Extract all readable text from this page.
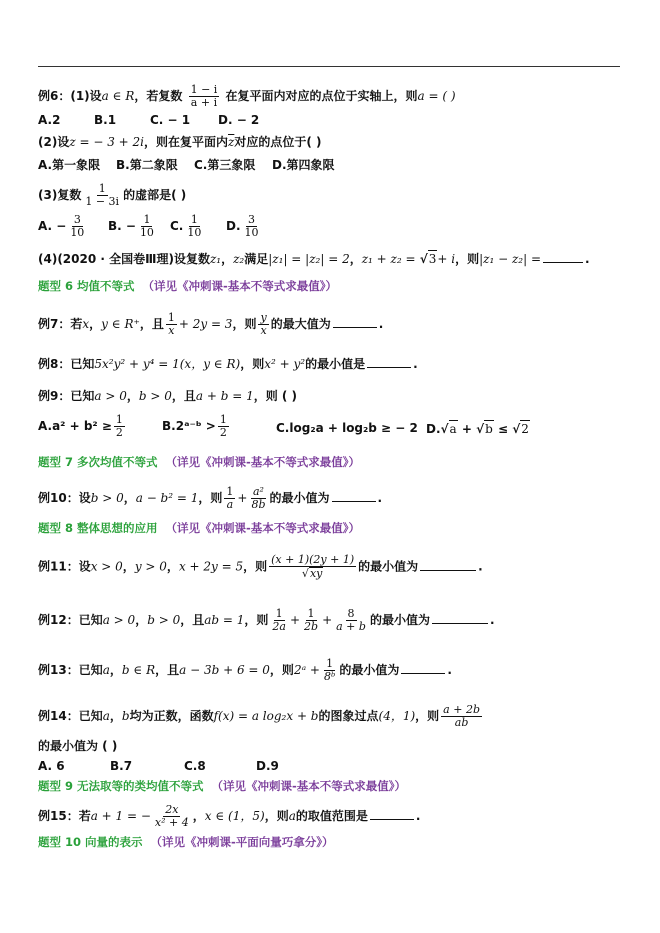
例6：(1)设a ∈ R，若复数 $\frac{1 - i}{a + i}$ 在复平面内对应的点位于实轴上，则a = ( )
A.2	B.1	C. − 1 D. − 2
(2)设z = − 3 + 2i，则在复平面内$\overline{z}$对应的点位于( )
A.第一象限 B.第二象限 C.第三象限 D.第四象限
(3)复数 $\frac{1}{1 - 3i}$ 的虚部是( )
A. − $\frac{3}{10} B$. − $\frac{1}{10} C$. $\frac{1}{10} D$. $\frac{3}{10}$
(4)(2020 · 全国卷Ⅲ理)设复数z₁，z₂满足|z₁| = |z₂| = 2，z₁ + z₂ = √3+ i，则|z₁ − z₂| =	.
题型 6 均值不等式 （详见《冲刺课-基本不等式求最值》）
例7：若x，y ∈ R⁺，且 $\frac{1}{x} + 2y = 3$，则 $\frac{y}{x}$ 的最大值为	.
例8：已知5x²y² + y⁴ = 1(x，y ∈ R)，则x² + y²的最小值是	.
例9：已知a > 0，b > 0，且a + b = 1，则 ( )
$A.a^2 + b^2 \ge \frac{1}{2}$	B.2ᵃ⁻ᵇ > $\frac{1}{2}$	C.log₂a + log₂b ≥ − 2 D.√a + √b ≤ √2
题型 7 多次均值不等式 （详见《冲刺课-基本不等式求最值》）
例10：设b > 0，a − b² = 1，则 $\frac{1}{a} + \frac{\text{a²}}{8b}$ 的最小值为	.
题型 8 整体思想的应用 （详见《冲刺课-基本不等式求最值》）
例11：设x > 0，y > 0，x + 2y = 5，则 $\frac{(x + 1)(2y + 1)}{√xy}$ 的最小值为	.
例12：已知a > 0，b > 0，且ab = 1，则 $\frac{1}{2a} + \frac{1}{2b} + \frac{8}{a + b}$ 的最小值为	.
例13：已知a，b ∈ R，且a − 3b + 6 = 0，则2ᵃ + $\frac{1}{\text{8ᵇ}}$ 的最小值为	.
例14：已知a，b均为正数，函数f(x) = a log₂x + b的图象过点(4，1)，则 $\frac{a + 2b}{ab}$
的最小值为 ( )
A. 6	B.7	C.8	D.9
题型 9 无法取等的类均值不等式 （详见《冲刺课-基本不等式求最值》）
例15：若a + 1 = − $\frac{2x}{\text{x² + 4}}$ ，x ∈ (1，5)，则a的取值范围是	.
题型 10 向量的表示 （详见《冲刺课-平面向量巧拿分》）
